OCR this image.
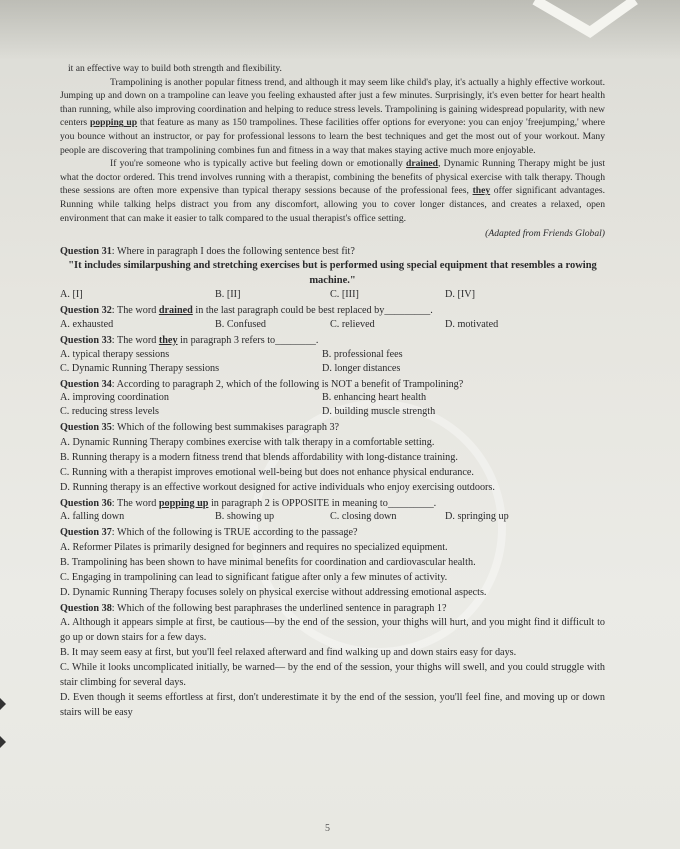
it an effective way to build both strength and flexibility.

Trampolining is another popular fitness trend, and although it may seem like child's play, it's actually a highly effective workout. Jumping up and down on a trampoline can leave you feeling exhausted after just a few minutes. Surprisingly, it's even better for heart health than running, while also improving coordination and helping to reduce stress levels. Trampolining is gaining widespread popularity, with new centers popping up that feature as many as 150 trampolines. These facilities offer options for everyone: you can enjoy 'freejumping,' where you bounce without an instructor, or pay for professional lessons to learn the best techniques and get the most out of your workout. Many people are discovering that trampolining combines fun and fitness in a way that makes staying active much more enjoyable.

If you're someone who is typically active but feeling down or emotionally drained, Dynamic Running Therapy might be just what the doctor ordered. This trend involves running with a therapist, combining the benefits of physical exercise with talk therapy. Though these sessions are often more expensive than typical therapy sessions because of the professional fees, they offer significant advantages. Running while talking helps distract you from any discomfort, allowing you to cover longer distances, and creates a relaxed, open environment that can make it easier to talk compared to the usual therapist's office setting.

(Adapted from Friends Global)
Question 31: Where in paragraph I does the following sentence best fit?
"It includes similarpushing and stretching exercises but is performed using special equipment that resembles a rowing machine."
A. [I]	B. [II]	C. [III]	D. [IV]
Question 32: The word drained in the last paragraph could be best replaced by_________.
A. exhausted	B. Confused	C. relieved	D. motivated
Question 33: The word they in paragraph 3 refers to________.
A. typical therapy sessions	B. professional fees
C. Dynamic Running Therapy sessions	D. longer distances
Question 34: According to paragraph 2, which of the following is NOT a benefit of Trampolining?
A. improving coordination	B. enhancing heart health
C. reducing stress levels	D. building muscle strength
Question 35: Which of the following best summakises paragraph 3?
A. Dynamic Running Therapy combines exercise with talk therapy in a comfortable setting.
B. Running therapy is a modern fitness trend that blends affordability with long-distance training.
C. Running with a therapist improves emotional well-being but does not enhance physical endurance.
D. Running therapy is an effective workout designed for active individuals who enjoy exercising outdoors.
Question 36: The word popping up in paragraph 2 is OPPOSITE in meaning to_________.
A. falling down	B. showing up	C. closing down	D. springing up
Question 37: Which of the following is TRUE according to the passage?
A. Reformer Pilates is primarily designed for beginners and requires no specialized equipment.
B. Trampolining has been shown to have minimal benefits for coordination and cardiovascular health.
C. Engaging in trampolining can lead to significant fatigue after only a few minutes of activity.
D. Dynamic Running Therapy focuses solely on physical exercise without addressing emotional aspects.
Question 38: Which of the following best paraphrases the underlined sentence in paragraph 1?
A. Although it appears simple at first, be cautious—by the end of the session, your thighs will hurt, and you might find it difficult to go up or down stairs for a few days.
B. It may seem easy at first, but you'll feel relaxed afterward and find walking up and down stairs easy for days.
C. While it looks uncomplicated initially, be warned— by the end of the session, your thighs will swell, and you could struggle with stair climbing for several days.
D. Even though it seems effortless at first, don't underestimate it by the end of the session, you'll feel fine, and moving up or down stairs will be easy
5
